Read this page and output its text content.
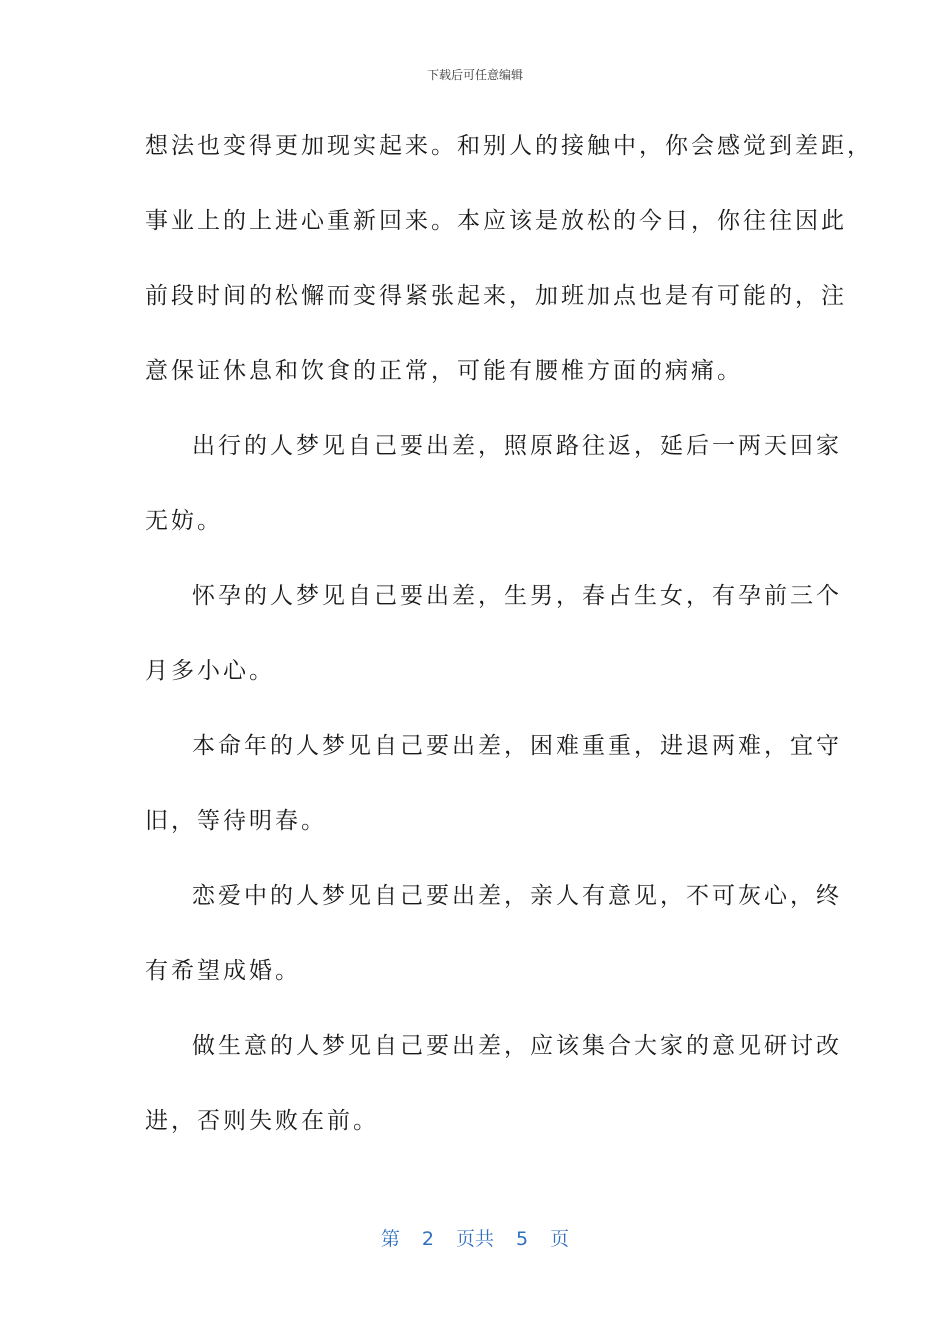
下载后可任意编辑
想法也变得更加现实起来。和别人的接触中，你会感觉到差距，
事业上的上进心重新回来。本应该是放松的今日，你往往因此
前段时间的松懈而变得紧张起来，加班加点也是有可能的，注
意保证休息和饮食的正常，可能有腰椎方面的病痛。
出行的人梦见自己要出差，照原路往返，延后一两天回家
无妨。
怀孕的人梦见自己要出差，生男，春占生女，有孕前三个
月多小心。
本命年的人梦见自己要出差，困难重重，进退两难，宜守
旧，等待明春。
恋爱中的人梦见自己要出差，亲人有意见，不可灰心，终
有希望成婚。
做生意的人梦见自己要出差，应该集合大家的意见研讨改
进，否则失败在前。
第 2 页共 5 页
